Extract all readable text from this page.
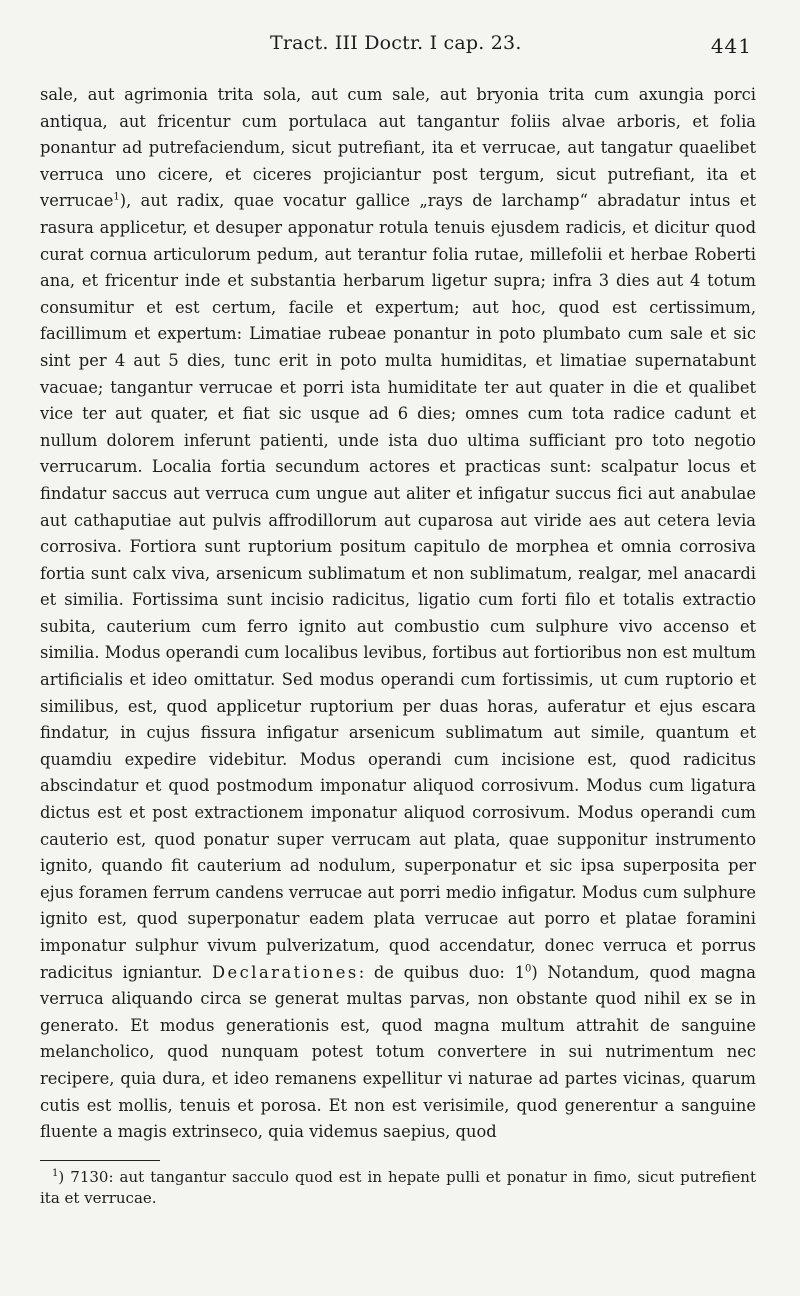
Tract. III Doctr. I cap. 23.	441

sale, aut agrimonia trita sola, aut cum sale, aut bryonia trita cum axungia porci antiqua, aut fricentur cum portulaca aut tangantur foliis alvae arboris, et folia ponantur ad putrefaciendum, sicut putrefiant, ita et verrucae, aut tangatur quaelibet verruca uno cicere, et ciceres projiciantur post tergum, sicut putrefiant, ita et verrucae$^1$), aut radix, quae vocatur gallice „rays de larchamp“ abradatur intus et rasura applicetur, et desuper apponatur rotula tenuis ejusdem radicis, et dicitur quod curat cornua articulorum pedum, aut terantur folia rutae, millefolii et herbae Roberti ana, et fricentur inde et substantia herbarum ligetur supra; infra 3 dies aut 4 totum consumitur et est certum, facile et expertum; aut hoc, quod est certissimum, facillimum et expertum: Limatiae rubeae ponantur in poto plumbato cum sale et sic sint per 4 aut 5 dies, tunc erit in poto multa humiditas, et limatiae supernatabunt vacuae; tangantur verrucae et porri ista humiditate ter aut quater in die et qualibet vice ter aut quater, et fiat sic usque ad 6 dies; omnes cum tota radice cadunt et nullum dolorem inferunt patienti, unde ista duo ultima sufficiant pro toto negotio verrucarum. Localia fortia secundum actores et practicas sunt: scalpatur locus et findatur saccus aut verruca cum ungue aut aliter et infigatur succus fici aut anabulae aut cathaputiae aut pulvis affrodillorum aut cuparosa aut viride aes aut cetera levia corrosiva. Fortiora sunt ruptorium positum capitulo de morphea et omnia corrosiva fortia sunt calx viva, arsenicum sublimatum et non sublimatum, realgar, mel anacardi et similia. Fortissima sunt incisio radicitus, ligatio cum forti filo et totalis extractio subita, cauterium cum ferro ignito aut combustio cum sulphure vivo accenso et similia. Modus operandi cum localibus levibus, fortibus aut fortioribus non est multum artificialis et ideo omittatur. Sed modus operandi cum fortissimis, ut cum ruptorio et similibus, est, quod applicetur ruptorium per duas horas, auferatur et ejus escara findatur, in cujus fissura infigatur arsenicum sublimatum aut simile, quantum et quamdiu expedire videbitur. Modus operandi cum incisione est, quod radicitus abscindatur et quod postmodum imponatur aliquod corrosivum. Modus cum ligatura dictus est et post extractionem imponatur aliquod corrosivum. Modus operandi cum cauterio est, quod ponatur super verrucam aut plata, quae supponitur instrumento ignito, quando fit cauterium ad nodulum, superponatur et sic ipsa superposita per ejus foramen ferrum candens verrucae aut porri medio infigatur. Modus cum sulphure ignito est, quod superponatur eadem plata verrucae aut porro et platae foramini imponatur sulphur vivum pulverizatum, quod accendatur, donec verruca et porrus radicitus igniantur. Declarationes: de quibus duo: $1^0$) Notandum, quod magna verruca aliquando circa se generat multas parvas, non obstante quod nihil ex se in generato. Et modus generationis est, quod magna multum attrahit de sanguine melancholico, quod nunquam potest totum convertere in sui nutrimentum nec recipere, quia dura, et ideo remanens expellitur vi naturae ad partes vicinas, quarum cutis est mollis, tenuis et porosa. Et non est verisimile, quod generentur a sanguine fluente a magis extrinseco, quia videmus saepius, quod

$^1$) 7130: aut tangantur sacculo quod est in hepate pulli et ponatur in fimo, sicut putrefient ita et verrucae.
